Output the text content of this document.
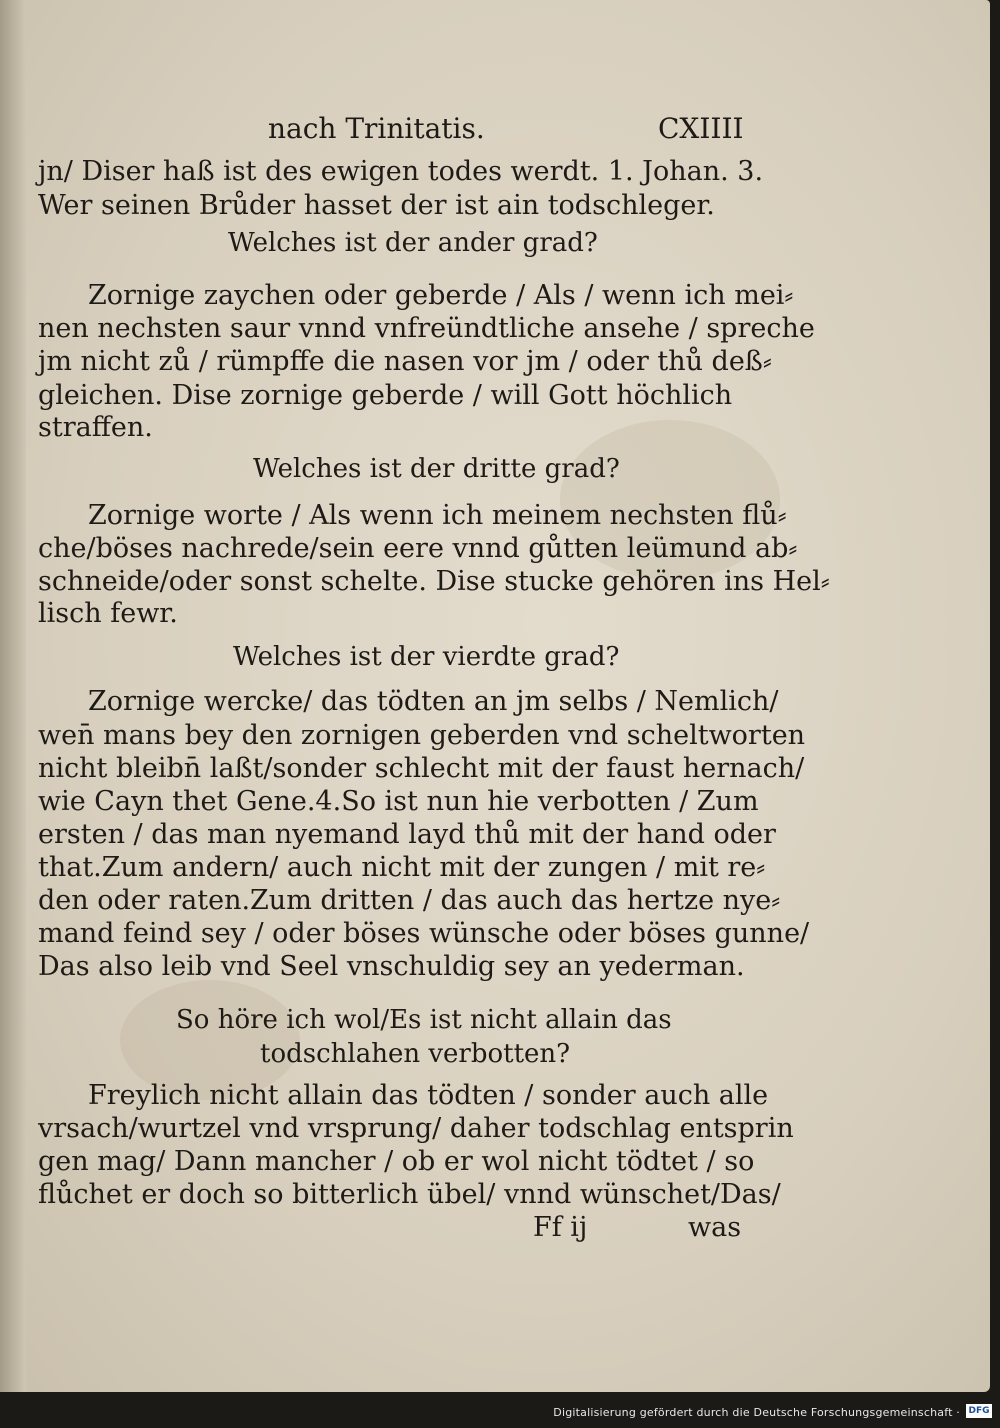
nach Trinitatis.	CXIIII
jn/ Diser haß ist des ewigen todes werdt. 1. Johan. 3.
Wer seinen Brůder hasset der ist ain todschleger.
Welches ist der ander grad?
Zornige zaychen oder geberde / Als / wenn ich mei⸗
nen nechsten saur vnnd vnfreündtliche ansehe / spreche
jm nicht zů / rümpffe die nasen vor jm / oder thů deß⸗
gleichen. Dise zornige geberde / will Gott höchlich
straffen.
Welches ist der dritte grad?
Zornige worte / Als wenn ich meinem nechsten flů⸗
che/böses nachrede/sein eere vnnd gůtten leümund ab⸗
schneide/oder sonst schelte. Dise stucke gehören ins Hel⸗
lisch fewr.
Welches ist der vierdte grad?
Zornige wercke/ das tödten an jm selbs / Nemlich/
wen̄ mans bey den zornigen geberden vnd scheltworten
nicht bleibn̄ laßt/sonder schlecht mit der faust hernach/
wie Cayn thet Gene.4.So ist nun hie verbotten / Zum
ersten / das man nyemand layd thů mit der hand oder
that.Zum andern/ auch nicht mit der zungen / mit re⸗
den oder raten.Zum dritten / das auch das hertze nye⸗
mand feind sey / oder böses wünsche oder böses gunne/
Das also leib vnd Seel vnschuldig sey an yederman.
So höre ich wol/Es ist nicht allain das
todschlahen verbotten?
Freylich nicht allain das tödten / sonder auch alle
vrsach/wurtzel vnd vrsprung/ daher todschlag entsprin
gen mag/ Dann mancher / ob er wol nicht tödtet / so
flůchet er doch so bitterlich übel/ vnnd wünschet/Das/
Ff ij	was
Digitalisierung gefördert durch die Deutsche Forschungsgemeinschaft · DFG
